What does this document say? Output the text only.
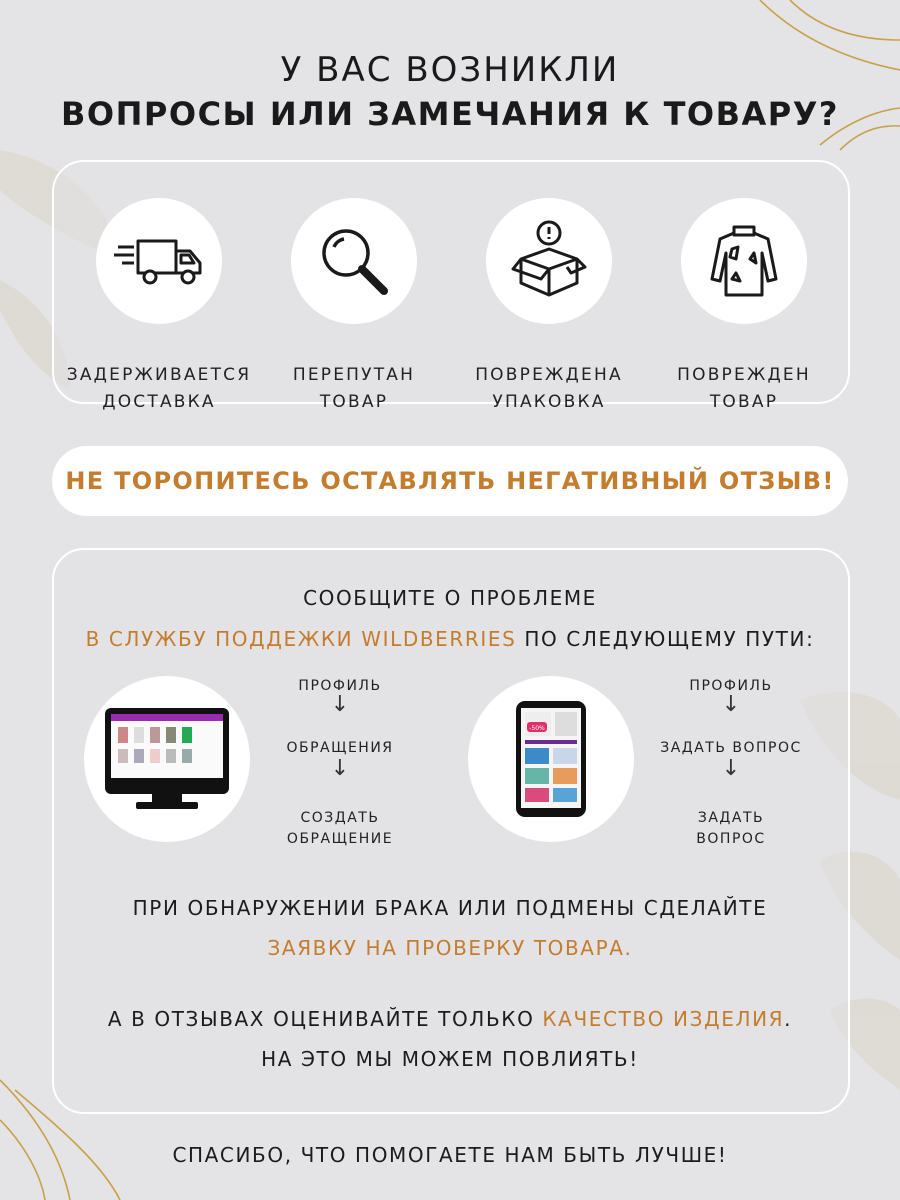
У ВАС ВОЗНИКЛИ
ВОПРОСЫ ИЛИ ЗАМЕЧАНИЯ К ТОВАРУ?
ЗАДЕРЖИВАЕТСЯ
ДОСТАВКА
ПЕРЕПУТАН
ТОВАР
ПОВРЕЖДЕНА
УПАКОВКА
ПОВРЕЖДЕН
ТОВАР
НЕ ТОРОПИТЕСЬ ОСТАВЛЯТЬ НЕГАТИВНЫЙ ОТЗЫВ!
СООБЩИТЕ О ПРОБЛЕМЕ
В СЛУЖБУ ПОДДЕЖКИ WILDBERRIES ПО СЛЕДУЮЩЕМУ ПУТИ:
ПРОФИЛЬ
↓
ОБРАЩЕНИЯ
↓
СОЗДАТЬ
ОБРАЩЕНИЕ
-50%
ПРОФИЛЬ
↓
ЗАДАТЬ ВОПРОС
↓
ЗАДАТЬ
ВОПРОС
ПРИ ОБНАРУЖЕНИИ БРАКА ИЛИ ПОДМЕНЫ СДЕЛАЙТЕ
ЗАЯВКУ НА ПРОВЕРКУ ТОВАРА.
А В ОТЗЫВАХ ОЦЕНИВАЙТЕ ТОЛЬКО КАЧЕСТВО ИЗДЕЛИЯ.
НА ЭТО МЫ МОЖЕМ ПОВЛИЯТЬ!
СПАСИБО, ЧТО ПОМОГАЕТЕ НАМ БЫТЬ ЛУЧШЕ!
